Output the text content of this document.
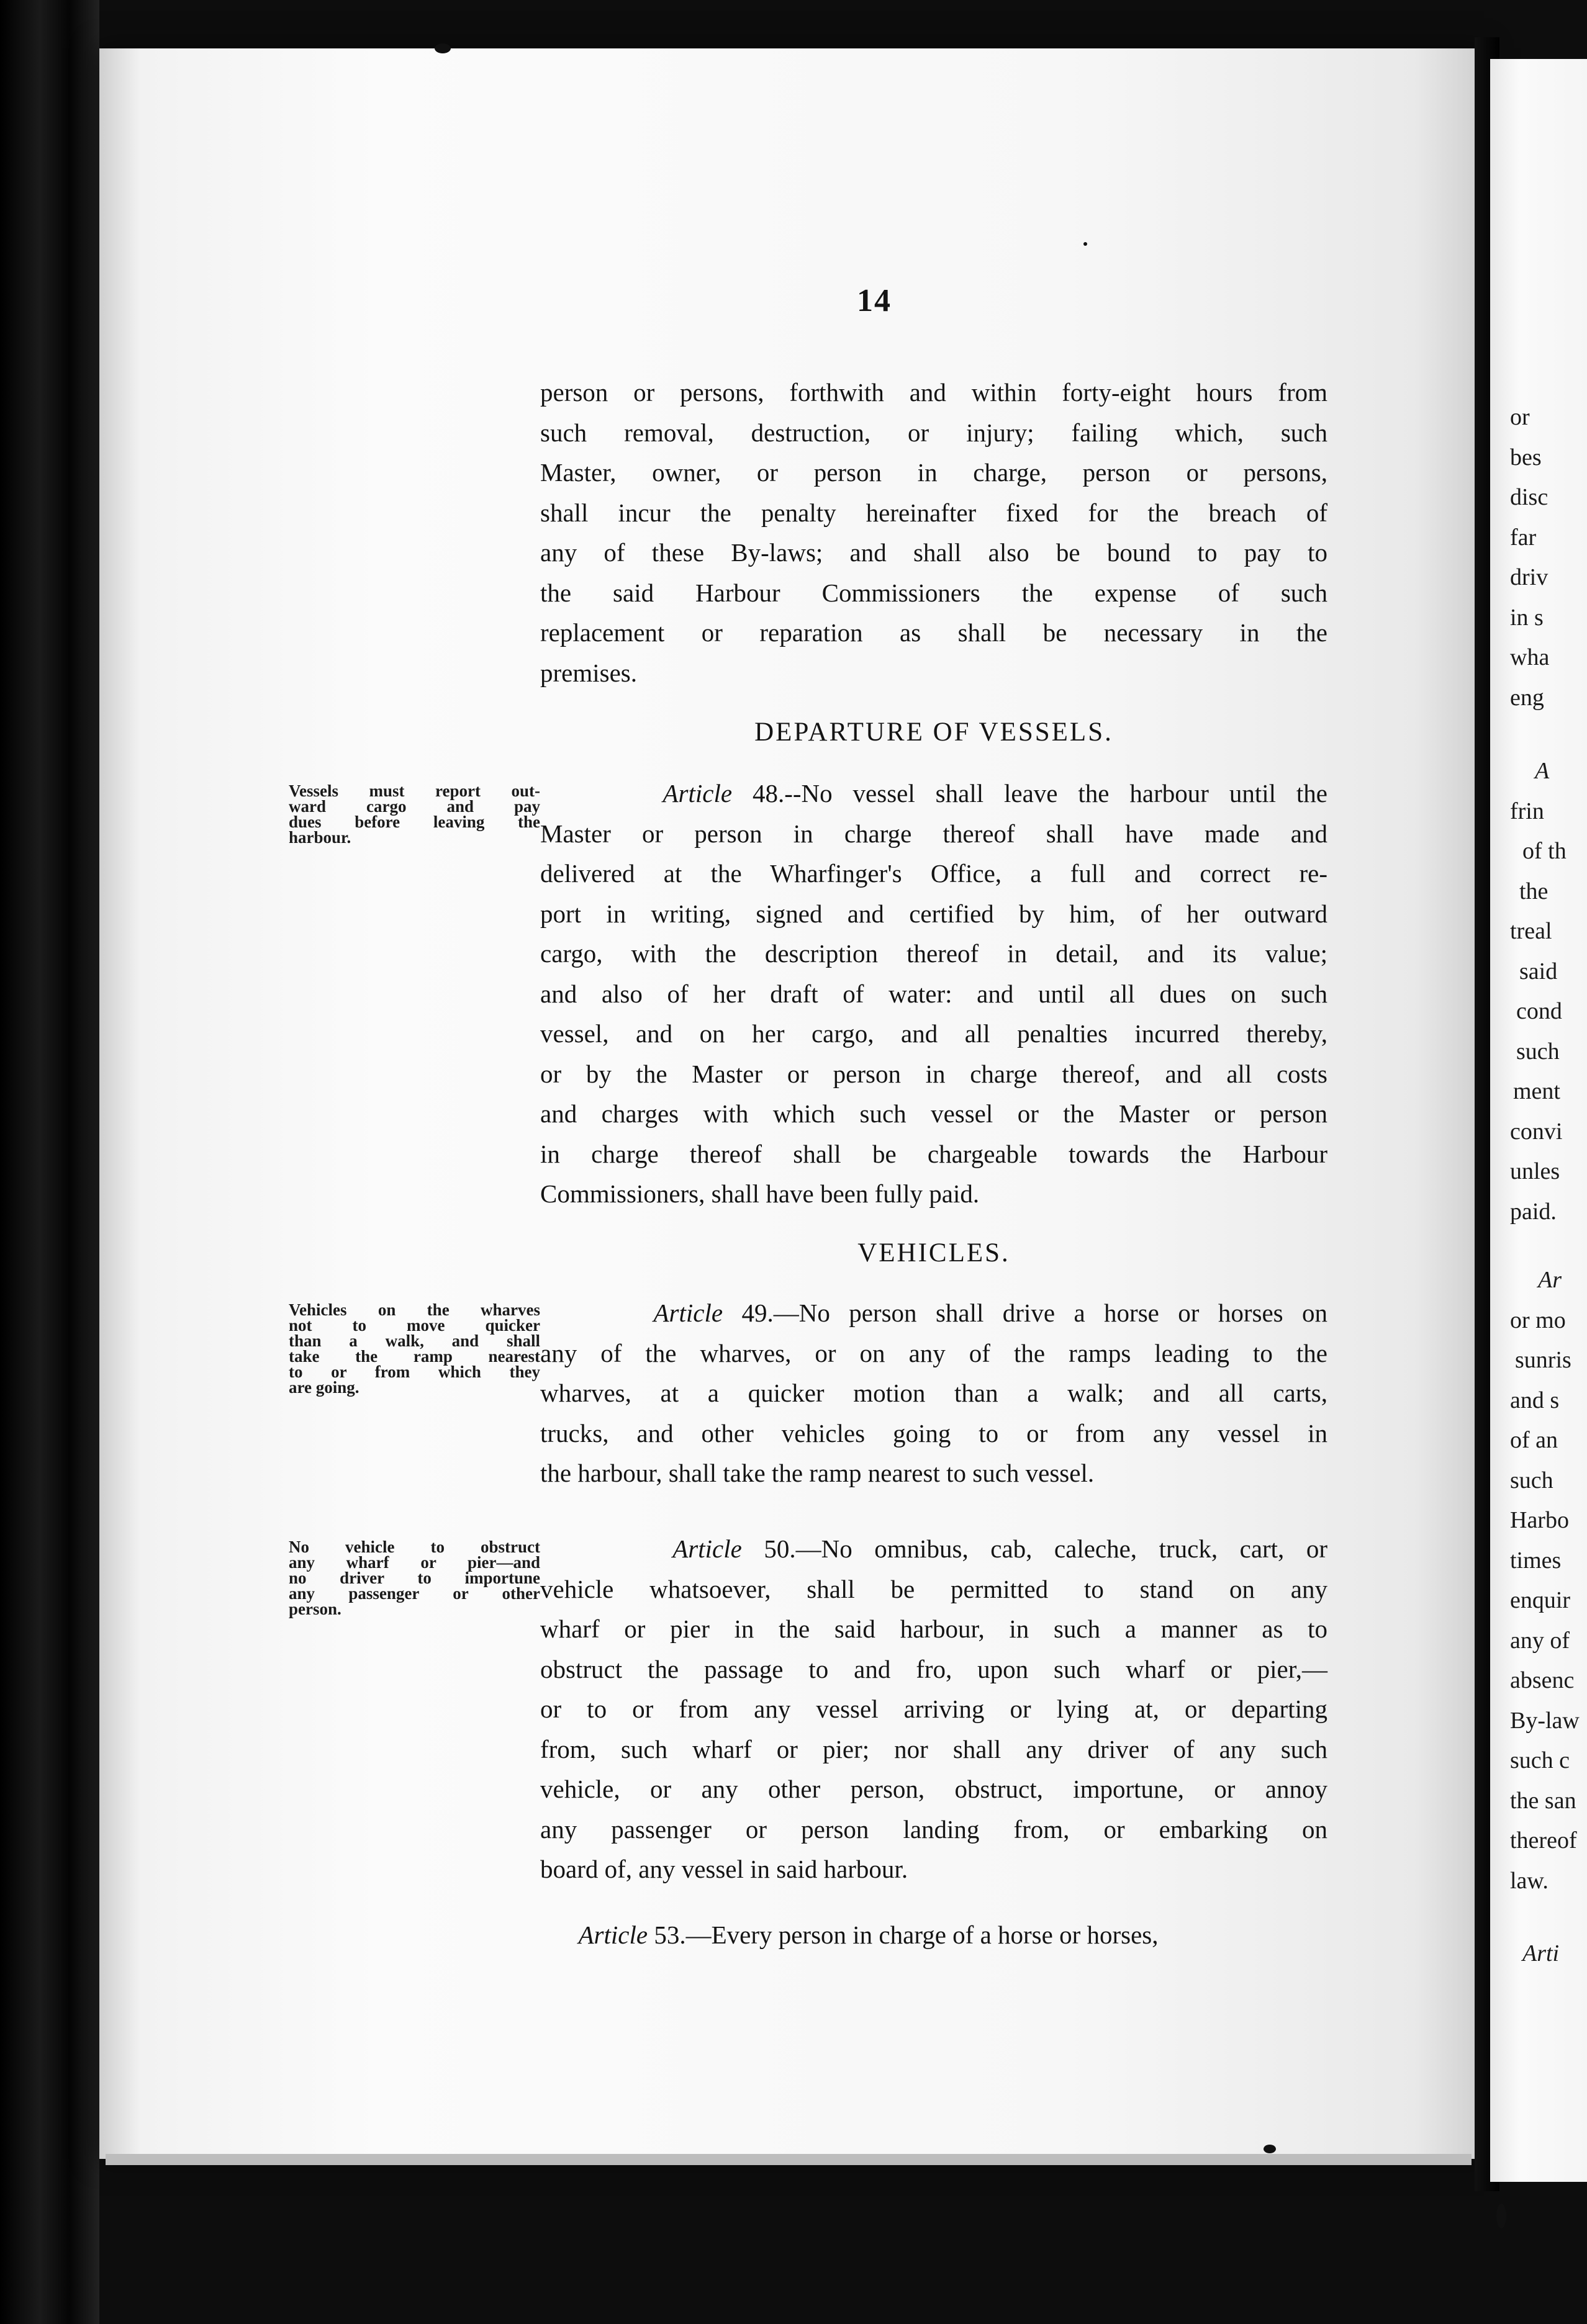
14
person or persons, forthwith and within forty-eight hours from
such removal, destruction, or injury; failing which, such
Master, owner, or person in charge, person or persons,
shall incur the penalty hereinafter fixed for the breach of
any of these By-laws; and shall also be bound to pay to
the said Harbour Commissioners the expense of such
replacement or reparation as shall be necessary in the
premises.
DEPARTURE OF VESSELS.
Vessels must report out-
ward cargo and pay
dues before leaving the
harbour.
Article 48.--No vessel shall leave the harbour until the
Master or person in charge thereof shall have made and
delivered at the Wharfinger's Office, a full and correct re-
port in writing, signed and certified by him, of her outward
cargo, with the description thereof in detail, and its value;
and also of her draft of water: and until all dues on such
vessel, and on her cargo, and all penalties incurred thereby,
or by the Master or person in charge thereof, and all costs
and charges with which such vessel or the Master or person
in charge thereof shall be chargeable towards the Harbour
Commissioners, shall have been fully paid.
VEHICLES.
Vehicles on the wharves
not to move quicker
than a walk, and shall
take the ramp nearest
to or from which they
are going.
Article 49.—No person shall drive a horse or horses on
any of the wharves, or on any of the ramps leading to the
wharves, at a quicker motion than a walk; and all carts,
trucks, and other vehicles going to or from any vessel in
the harbour, shall take the ramp nearest to such vessel.
No vehicle to obstruct
any wharf or pier—and
no driver to importune
any passenger or other
person.
Article 50.—No omnibus, cab, caleche, truck, cart, or
vehicle whatsoever, shall be permitted to stand on any
wharf or pier in the said harbour, in such a manner as to
obstruct the passage to and fro, upon such wharf or pier,—
or to or from any vessel arriving or lying at, or departing
from, such wharf or pier; nor shall any driver of any such
vehicle, or any other person, obstruct, importune, or annoy
any passenger or person landing from, or embarking on
board of, any vessel in said harbour.
Article 53.—Every person in charge of a horse or horses,
or
bes
disc
far
driv
in s
wha
eng
A
frin
of th
the
treal
said
cond
such
ment
convi
unles
paid.
Ar
or mo
sunris
and s
of an
such
Harbo
times
enquir
any of
absenc
By-law
such c
the san
thereof
law.
Arti
